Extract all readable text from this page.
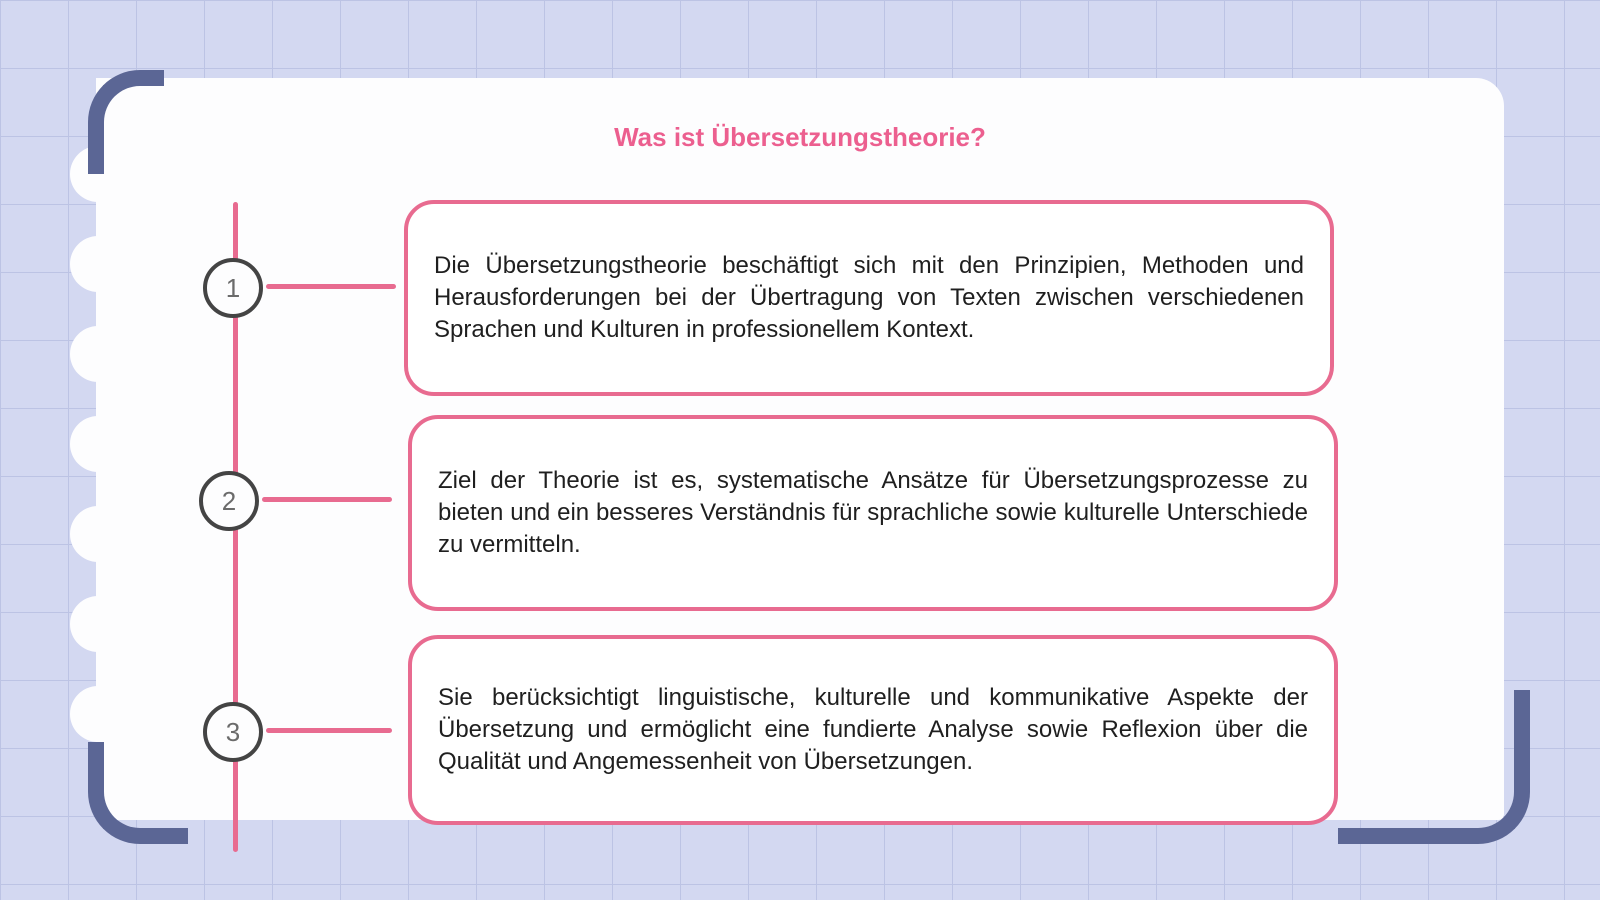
Was ist Übersetzungstheorie?
1

Die Übersetzungstheorie beschäftigt sich mit den Prinzipien, Methoden und Herausforderungen bei der Übertragung von Texten zwischen verschiedenen Sprachen und Kulturen in professionellem Kontext.

2

Ziel der Theorie ist es, systematische Ansätze für Übersetzungsprozesse zu bieten und ein besseres Verständnis für sprachliche sowie kulturelle Unterschiede zu vermitteln.

3

Sie berücksichtigt linguistische, kulturelle und kommunikative Aspekte der Übersetzung und ermöglicht eine fundierte Analyse sowie Reflexion über die Qualität und Angemessenheit von Übersetzungen.
